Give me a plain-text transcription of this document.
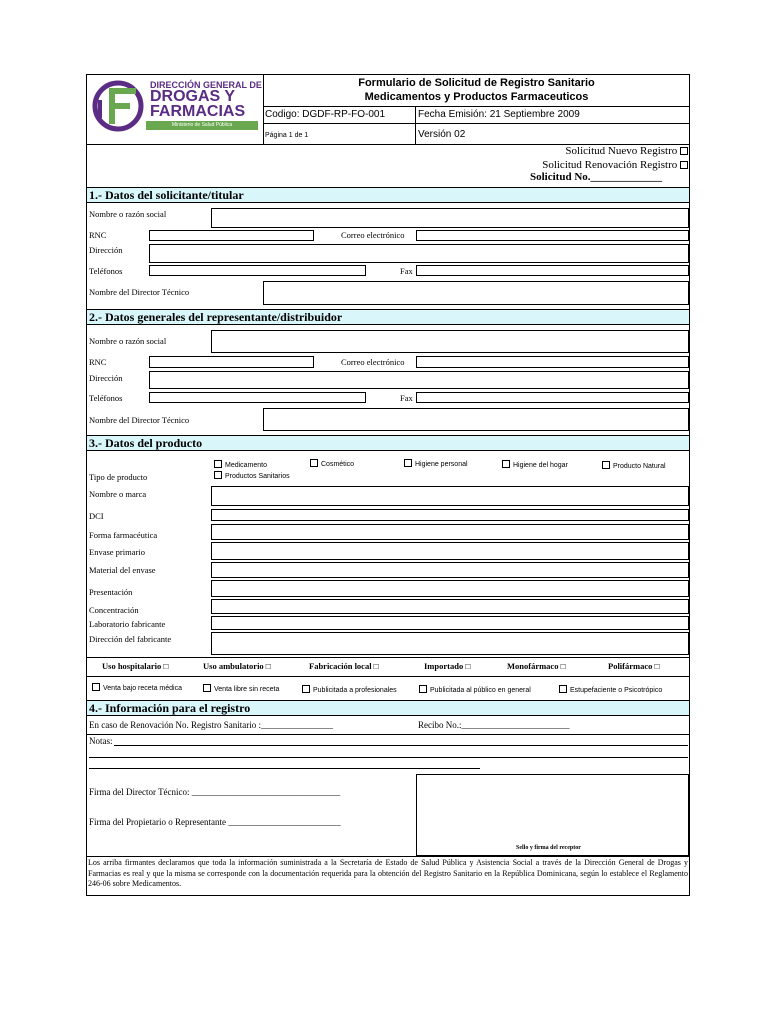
DIRECCIÓN GENERAL DE
DROGAS Y
FARMACIAS
Ministerio de Salud Pública
Formulario de Solicitud de Registro Sanitario
Medicamentos y Productos Farmaceuticos
Codigo: DGDF-RP-FO-001	Fecha Emisión: 21 Septiembre 2009
Página 1 de 1	Versión 02
Solicitud Nuevo Registro
Solicitud Renovación Registro
Solicitud No._____________
1.- Datos del solicitante/titular
Nombre o razón social
RNC	Correo electrónico
Dirección
Teléfonos	Fax
Nombre del Director Técnico
2.- Datos generales del representante/distribuidor
Nombre o razón social
RNC	Correo electrónico
Dirección
Teléfonos	Fax
Nombre del Director Técnico
3.- Datos del producto
Tipo de producto
Medicamento	Cosmético	Higiene personal	Higiene del hogar	Producto Natural
Productos Sanitarios
Nombre o marca
DCI
Forma farmacéutica
Envase primario
Material del envase
Presentación
Concentración
Laboratorio fabricante
Dirección del fabricante
Uso hospitalario □	Uso ambulatorio □	Fabricación local □	Importado □	Monofármaco □	Polifármaco □
Venta bajo receta médica	Venta libre sin receta	Publicitada a profesionales	Publicitada al público en general	Estupefaciente o Psicotrópico
4.- Información para el registro
En caso de Renovación No. Registro Sanitario :________________	Recibo No.:________________________
Notas:
Sello y firma del receptor
Firma del Director Técnico: _________________________________
Firma del Propietario o Representante _________________________
Los arriba firmantes declaramos que toda la información suministrada a la Secretaría de Estado de Salud Pública y Asistencia Social a través de la Dirección General de Drogas y Farmacias es real y que la misma se corresponde con la documentación requerida para la obtención del Registro Sanitario en la República Dominicana, según lo establece el Reglamento 246-06 sobre Medicamentos.
